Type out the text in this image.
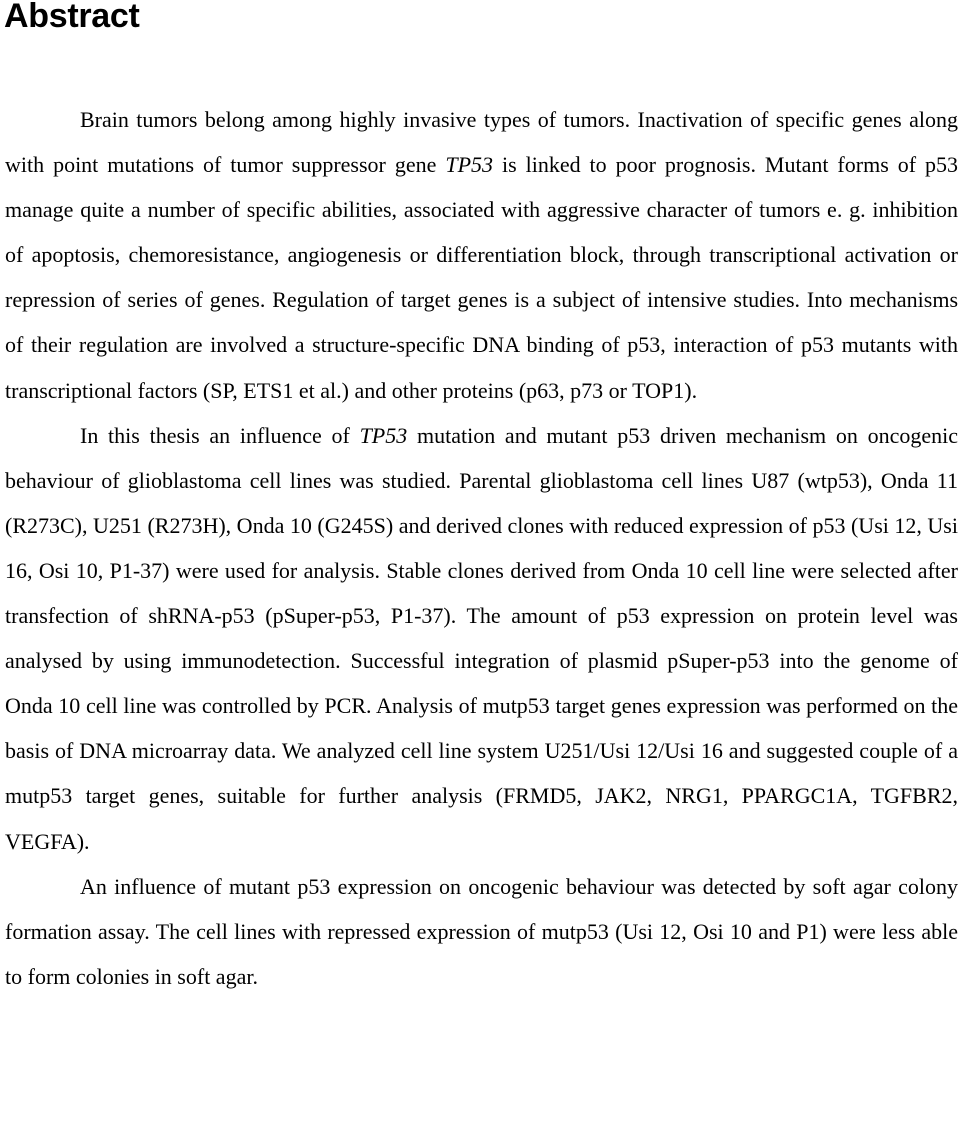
Abstract

Brain tumors belong among highly invasive types of tumors. Inactivation of specific genes along with point mutations of tumor suppressor gene TP53 is linked to poor prognosis. Mutant forms of p53 manage quite a number of specific abilities, associated with aggressive character of tumors e. g. inhibition of apoptosis, chemoresistance, angiogenesis or differentiation block, through transcriptional activation or repression of series of genes. Regulation of target genes is a subject of intensive studies. Into mechanisms of their regulation are involved a structure-specific DNA binding of p53, interaction of p53 mutants with transcriptional factors (SP, ETS1 et al.) and other proteins (p63, p73 or TOP1).

In this thesis an influence of TP53 mutation and mutant p53 driven mechanism on oncogenic behaviour of glioblastoma cell lines was studied. Parental glioblastoma cell lines U87 (wtp53), Onda 11 (R273C), U251 (R273H), Onda 10 (G245S) and derived clones with reduced expression of p53 (Usi 12, Usi 16, Osi 10, P1-37) were used for analysis. Stable clones derived from Onda 10 cell line were selected after transfection of shRNA-p53 (pSuper-p53, P1-37). The amount of p53 expression on protein level was analysed by using immunodetection. Successful integration of plasmid pSuper-p53 into the genome of Onda 10 cell line was controlled by PCR. Analysis of mutp53 target genes expression was performed on the basis of DNA microarray data. We analyzed cell line system U251/Usi 12/Usi 16 and suggested couple of a mutp53 target genes, suitable for further analysis (FRMD5, JAK2, NRG1, PPARGC1A, TGFBR2, VEGFA).

An influence of mutant p53 expression on oncogenic behaviour was detected by soft agar colony formation assay. The cell lines with repressed expression of mutp53 (Usi 12, Osi 10 and P1) were less able to form colonies in soft agar.
